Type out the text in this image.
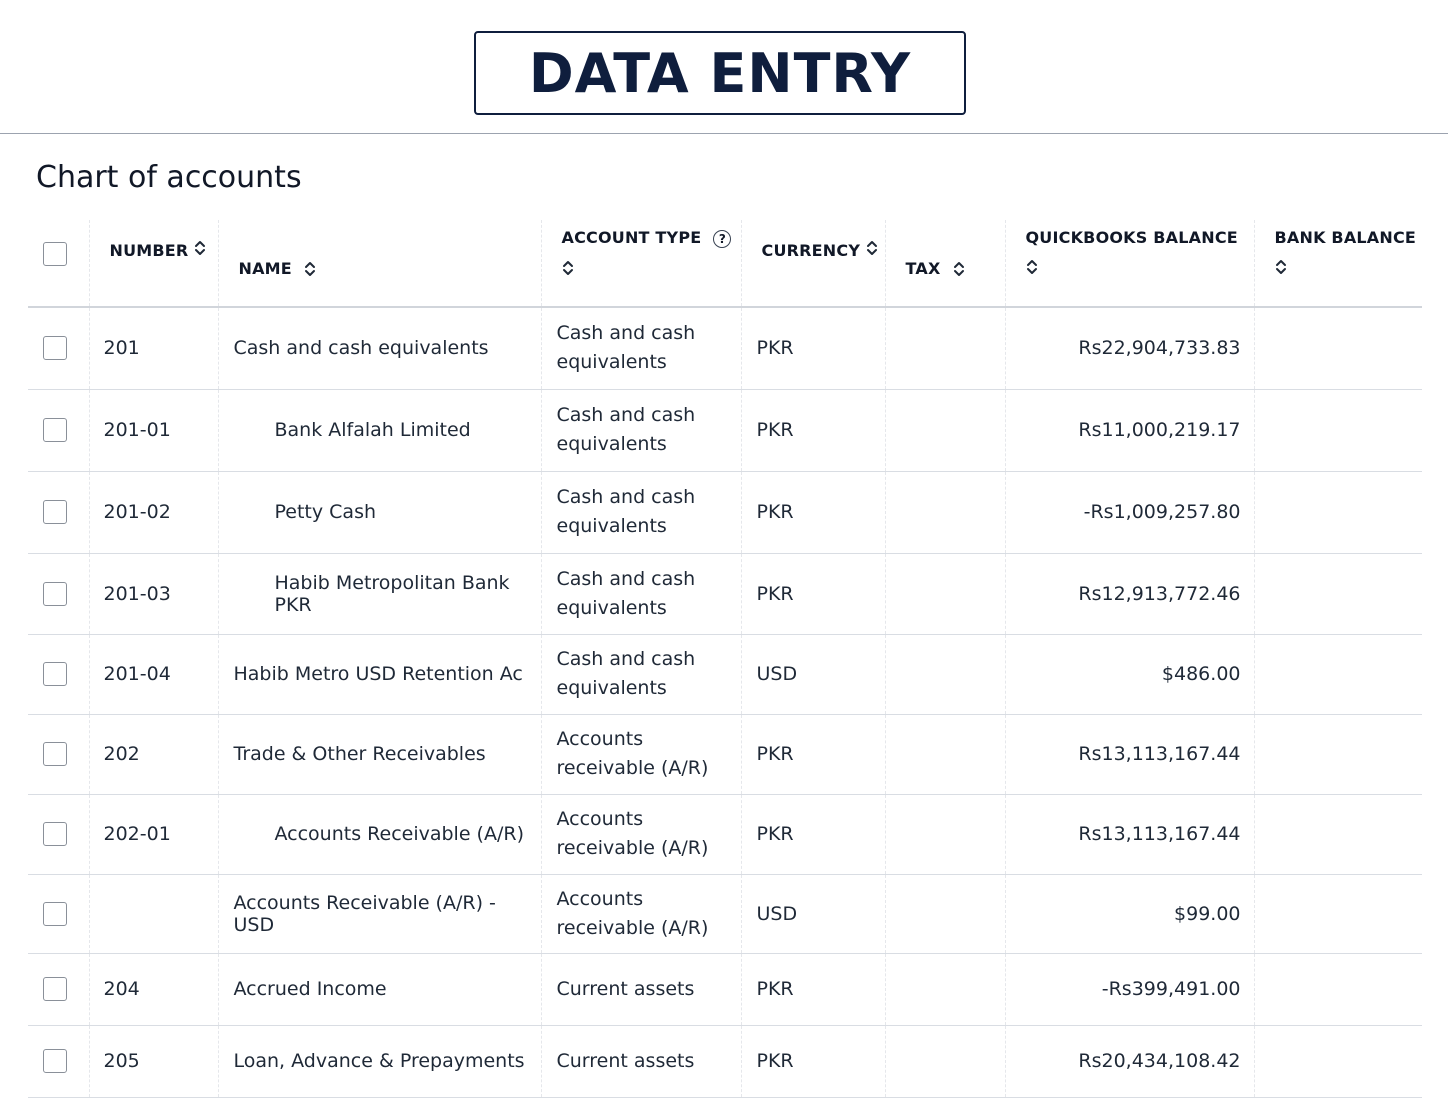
DATA ENTRY
Chart of accounts

	NUMBER	NAME	ACCOUNT TYPE ?	CURRENCY	TAX	QUICKBOOKS BALANCE	BANK BALANCE

	201	Cash and cash equivalents	Cash and cash equivalents	PKR		Rs22,904,733.83	

	201-01	Bank Alfalah Limited	Cash and cash equivalents	PKR		Rs11,000,219.17	

	201-02	Petty Cash	Cash and cash equivalents	PKR		-Rs1,009,257.80	

	201-03	Habib Metropolitan Bank PKR	Cash and cash equivalents	PKR		Rs12,913,772.46	

	201-04	Habib Metro USD Retention Ac	Cash and cash equivalents	USD		$486.00	

	202	Trade & Other Receivables	Accounts receivable (A/R)	PKR		Rs13,113,167.44	

	202-01	Accounts Receivable (A/R)	Accounts receivable (A/R)	PKR		Rs13,113,167.44	

		Accounts Receivable (A/R) - USD	Accounts receivable (A/R)	USD		$99.00	

	204	Accrued Income	Current assets	PKR		-Rs399,491.00	

	205	Loan, Advance & Prepayments	Current assets	PKR		Rs20,434,108.42	
